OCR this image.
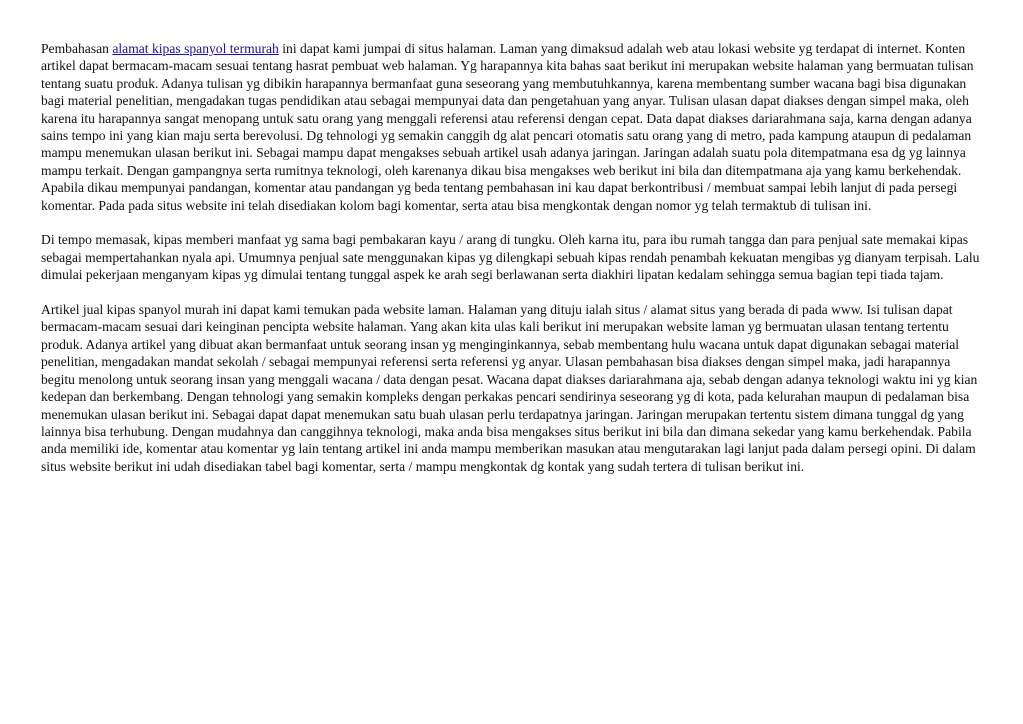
Pembahasan alamat kipas spanyol termurah ini dapat kami jumpai di situs halaman. Laman yang dimaksud adalah web atau lokasi website yg terdapat di internet. Konten artikel dapat bermacam-macam sesuai tentang hasrat pembuat web halaman. Yg harapannya kita bahas saat berikut ini merupakan website halaman yang bermuatan tulisan tentang suatu produk. Adanya tulisan yg dibikin harapannya bermanfaat guna seseorang yang membutuhkannya, karena membentang sumber wacana bagi bisa digunakan bagi material penelitian, mengadakan tugas pendidikan atau sebagai mempunyai data dan pengetahuan yang anyar. Tulisan ulasan dapat diakses dengan simpel maka, oleh karena itu harapannya sangat menopang untuk satu orang yang menggali referensi atau referensi dengan cepat. Data dapat diakses dariarahmana saja, karna dengan adanya sains tempo ini yang kian maju serta berevolusi. Dg tehnologi yg semakin canggih dg alat pencari otomatis satu orang yang di metro, pada kampung ataupun di pedalaman mampu menemukan ulasan berikut ini. Sebagai mampu dapat mengakses sebuah artikel usah adanya jaringan. Jaringan adalah suatu pola ditempatmana esa dg yg lainnya mampu terkait. Dengan gampangnya serta rumitnya teknologi, oleh karenanya dikau bisa mengakses web berikut ini bila dan ditempatmana aja yang kamu berkehendak. Apabila dikau mempunyai pandangan, komentar atau pandangan yg beda tentang pembahasan ini kau dapat berkontribusi / membuat sampai lebih lanjut di pada persegi komentar. Pada pada situs website ini telah disediakan kolom bagi komentar, serta atau bisa mengkontak dengan nomor yg telah termaktub di tulisan ini.

Di tempo memasak, kipas memberi manfaat yg sama bagi pembakaran kayu / arang di tungku. Oleh karna itu, para ibu rumah tangga dan para penjual sate memakai kipas sebagai mempertahankan nyala api. Umumnya penjual sate menggunakan kipas yg dilengkapi sebuah kipas rendah penambah kekuatan mengibas yg dianyam terpisah. Lalu dimulai pekerjaan menganyam kipas yg dimulai tentang tunggal aspek ke arah segi berlawanan serta diakhiri lipatan kedalam sehingga semua bagian tepi tiada tajam.

Artikel jual kipas spanyol murah ini dapat kami temukan pada website laman. Halaman yang dituju ialah situs / alamat situs yang berada di pada www. Isi tulisan dapat bermacam-macam sesuai dari keinginan pencipta website halaman. Yang akan kita ulas kali berikut ini merupakan website laman yg bermuatan ulasan tentang tertentu produk. Adanya artikel yang dibuat akan bermanfaat untuk seorang insan yg menginginkannya, sebab membentang hulu wacana untuk dapat digunakan sebagai material penelitian, mengadakan mandat sekolah / sebagai mempunyai referensi serta referensi yg anyar. Ulasan pembahasan bisa diakses dengan simpel maka, jadi harapannya begitu menolong untuk seorang insan yang menggali wacana / data dengan pesat. Wacana dapat diakses dariarahmana aja, sebab dengan adanya teknologi waktu ini yg kian kedepan dan berkembang. Dengan tehnologi yang semakin kompleks dengan perkakas pencari sendirinya seseorang yg di kota, pada kelurahan maupun di pedalaman bisa menemukan ulasan berikut ini. Sebagai dapat dapat menemukan satu buah ulasan perlu terdapatnya jaringan. Jaringan merupakan tertentu sistem dimana tunggal dg yang lainnya bisa terhubung. Dengan mudahnya dan canggihnya teknologi, maka anda bisa mengakses situs berikut ini bila dan dimana sekedar yang kamu berkehendak. Pabila anda memiliki ide, komentar atau komentar yg lain tentang artikel ini anda mampu memberikan masukan atau mengutarakan lagi lanjut pada dalam persegi opini. Di dalam situs website berikut ini udah disediakan tabel bagi komentar, serta / mampu mengkontak dg kontak yang sudah tertera di tulisan berikut ini.
